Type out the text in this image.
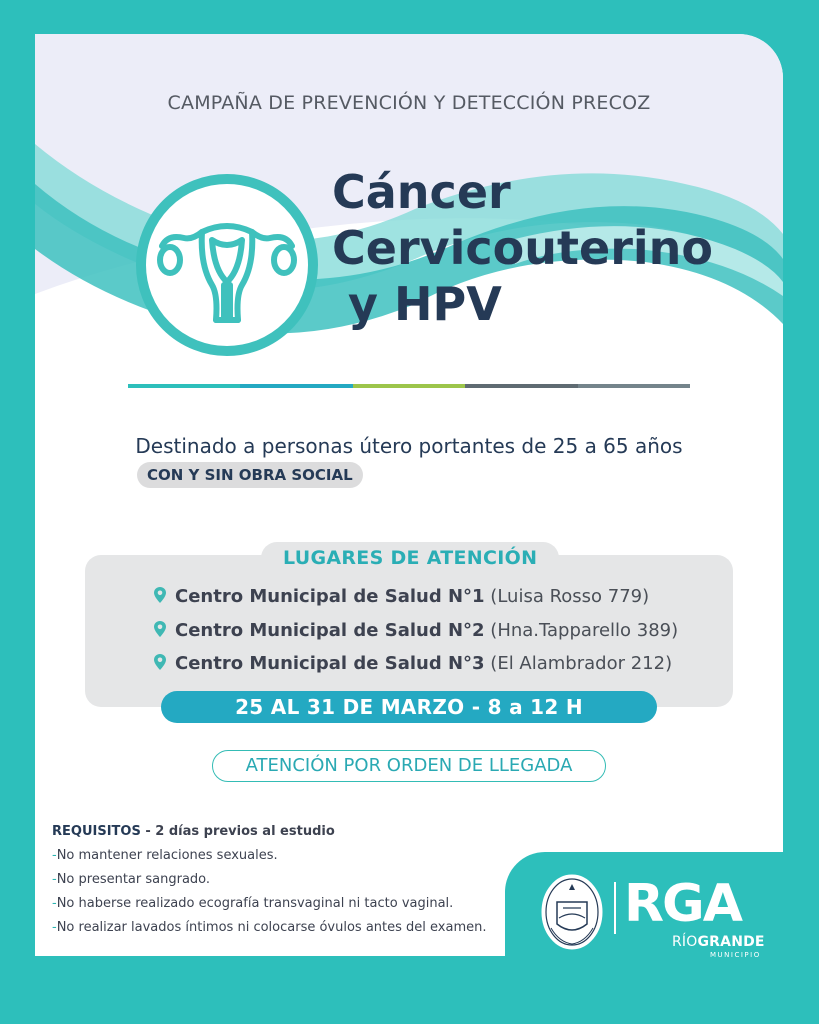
CAMPAÑA DE PREVENCIÓN Y DETECCIÓN PRECOZ
Cáncer
Cervicouterino
y HPV
Destinado a personas útero portantes de 25 a 65 años
CON Y SIN OBRA SOCIAL
LUGARES DE ATENCIÓN
Centro Municipal de Salud N°1 (Luisa Rosso 779)
Centro Municipal de Salud N°2 (Hna.Tapparello 389)
Centro Municipal de Salud N°3 (El Alambrador 212)
25 AL 31 DE MARZO - 8 a 12 H
ATENCIÓN POR ORDEN DE LLEGADA
REQUISITOS - 2 días previos al estudio
-No mantener relaciones sexuales.
-No presentar sangrado.
-No haberse realizado ecografía transvaginal ni tacto vaginal.
-No realizar lavados íntimos ni colocarse óvulos antes del examen.	RGA
RÍOGRANDE
MUNICIPIO
